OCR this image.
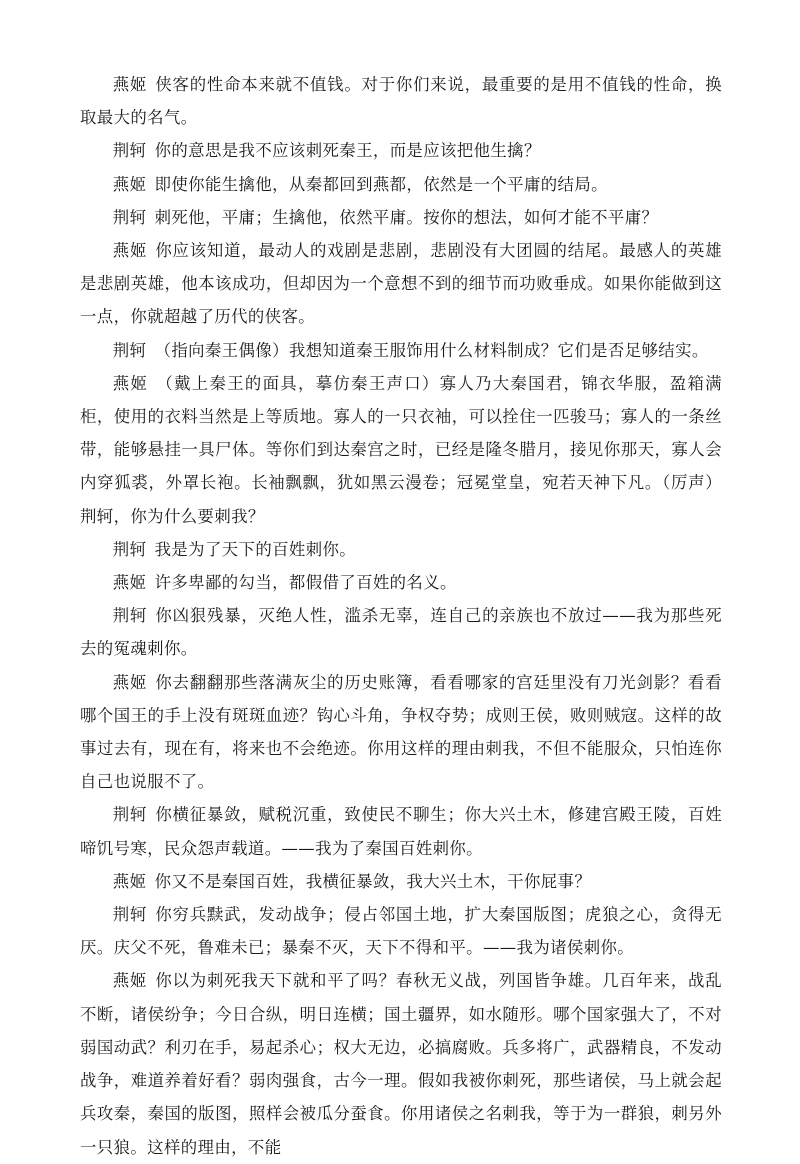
燕姬 侠客的性命本来就不值钱。对于你们来说，最重要的是用不值钱的性命，换取最大的名气。

荆轲 你的意思是我不应该刺死秦王，而是应该把他生擒？

燕姬 即使你能生擒他，从秦都回到燕都，依然是一个平庸的结局。

荆轲 刺死他，平庸；生擒他，依然平庸。按你的想法，如何才能不平庸？

燕姬 你应该知道，最动人的戏剧是悲剧，悲剧没有大团圆的结尾。最感人的英雄是悲剧英雄，他本该成功，但却因为一个意想不到的细节而功败垂成。如果你能做到这一点，你就超越了历代的侠客。

荆轲 （指向秦王偶像）我想知道秦王服饰用什么材料制成？它们是否足够结实。

燕姬 （戴上秦王的面具，摹仿秦王声口）寡人乃大秦国君，锦衣华服，盈箱满柜，使用的衣料当然是上等质地。寡人的一只衣袖，可以拴住一匹骏马；寡人的一条丝带，能够悬挂一具尸体。等你们到达秦宫之时，已经是隆冬腊月，接见你那天，寡人会内穿狐裘，外罩长袍。长袖飘飘，犹如黑云漫卷；冠冕堂皇，宛若天神下凡。（厉声）荆轲，你为什么要刺我？

荆轲 我是为了天下的百姓刺你。

燕姬 许多卑鄙的勾当，都假借了百姓的名义。

荆轲 你凶狠残暴，灭绝人性，滥杀无辜，连自己的亲族也不放过——我为那些死去的冤魂刺你。

燕姬 你去翻翻那些落满灰尘的历史账簿，看看哪家的宫廷里没有刀光剑影？看看哪个国王的手上没有斑斑血迹？钩心斗角，争权夺势；成则王侯，败则贼寇。这样的故事过去有，现在有，将来也不会绝迹。你用这样的理由刺我，不但不能服众，只怕连你自己也说服不了。

荆轲 你横征暴敛，赋税沉重，致使民不聊生；你大兴土木，修建宫殿王陵，百姓啼饥号寒，民众怨声载道。——我为了秦国百姓刺你。

燕姬 你又不是秦国百姓，我横征暴敛，我大兴土木，干你屁事？

荆轲 你穷兵黩武，发动战争；侵占邻国土地，扩大秦国版图；虎狼之心，贪得无厌。庆父不死，鲁难未已；暴秦不灭，天下不得和平。——我为诸侯刺你。

燕姬 你以为刺死我天下就和平了吗？春秋无义战，列国皆争雄。几百年来，战乱不断，诸侯纷争；今日合纵，明日连横；国土疆界，如水随形。哪个国家强大了，不对弱国动武？利刃在手，易起杀心；权大无边，必搞腐败。兵多将广，武器精良，不发动战争，难道养着好看？弱肉强食，古今一理。假如我被你刺死，那些诸侯，马上就会起兵攻秦，秦国的版图，照样会被瓜分蚕食。你用诸侯之名刺我，等于为一群狼，刺另外一只狼。这样的理由，不能
